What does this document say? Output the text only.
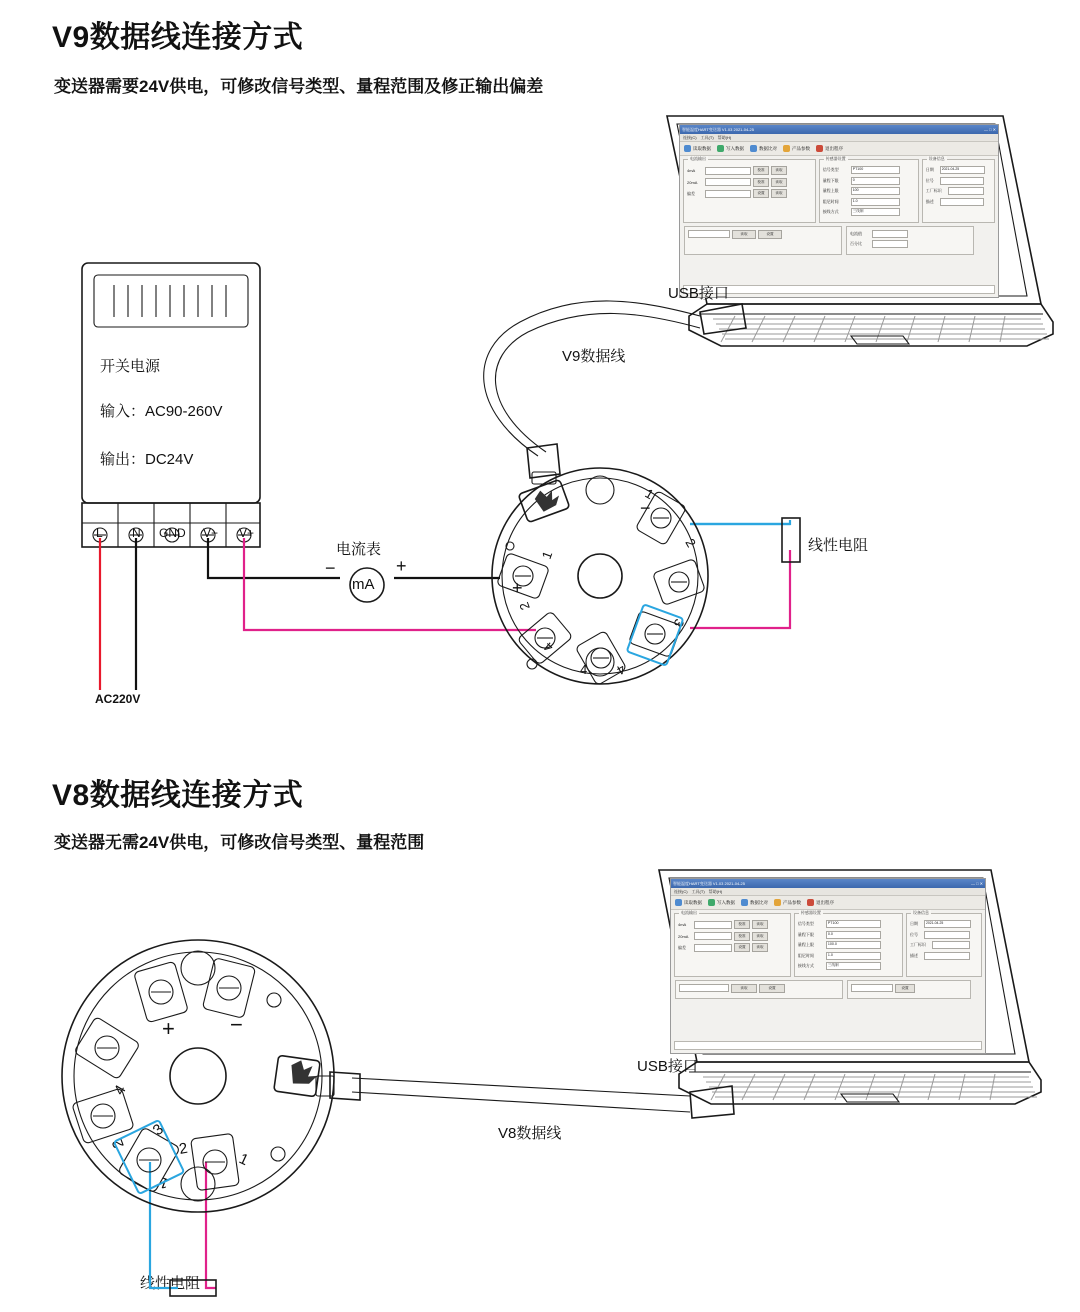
V9数据线连接方式
变送器需要24V供电，可修改信号类型、量程范围及修正输出偏差
智能温度HART变送器 V1.03 2021-04-25	— □ ✕
连接(C) 工具(T) 帮助(H)
读取数据	写入数据	数据比对	产品参数	退出程序
电流输出
4mA	校准	读取
20mA	校准	读取
偏差	设置	读取
传感器设置
信号类型	PT100
量程下限	0
量程上限	100
阻尼时间	1.0
接线方式	三线制
设备信息
日期	2021-04-25
位号
工厂标识
描述
读取	设置	电流值
百分比
USB接口
V9数据线
开关电源
输入：AC90-260V
输出：DC24V
L N GND V− V+
AC220V
电流表
−	+
mA
线性电阻
1
2
3
4
1
2
4
4
+
−
V8数据线连接方式
变送器无需24V供电，可修改信号类型、量程范围
智能温度HART变送器 V1.03 2021-04-25	— □ ✕
连接(C) 工具(T) 帮助(H)
读取数据	写入数据	数据比对	产品参数	退出程序
电流输出
4mA	校准	读取
20mA	校准	读取
偏差	设置	读取
传感器设置
信号类型	PT100
量程下限	0.0
量程上限	100.0
阻尼时间	1.0
接线方式	三线制
设备信息
日期	2021-04-25
位号
工厂标识
描述
读取	设置	设置
USB接口
V8数据线
线性电阻
4
3
2
1
2
1
+	−
